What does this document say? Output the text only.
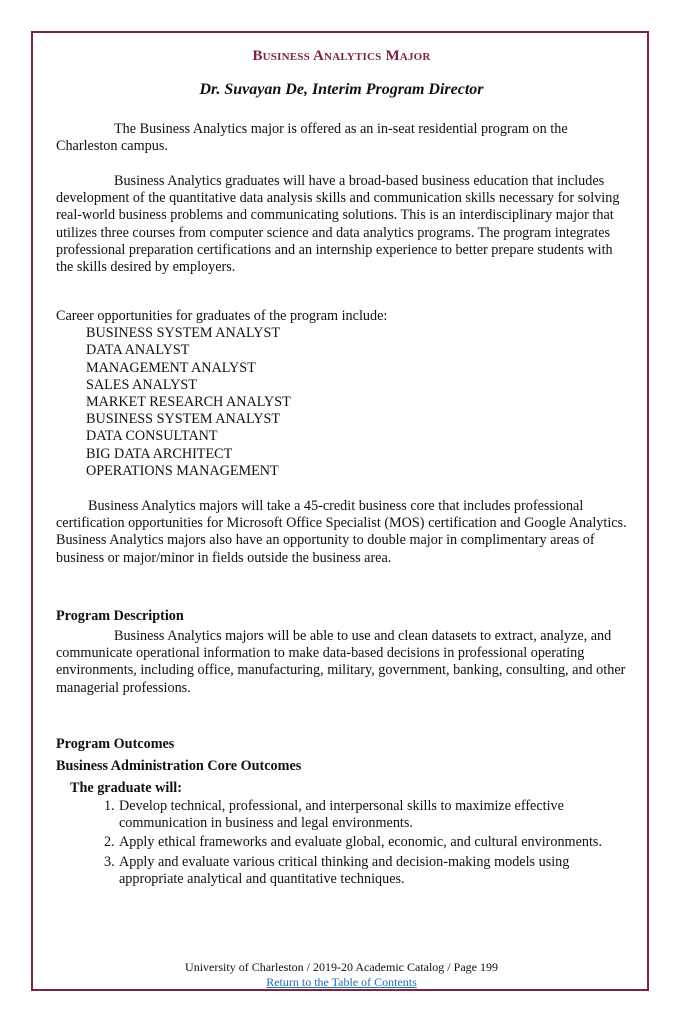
Business Analytics Major
Dr. Suvayan De, Interim Program Director

The Business Analytics major is offered as an in-seat residential program on the Charleston campus.

Business Analytics graduates will have a broad-based business education that includes development of the quantitative data analysis skills and communication skills necessary for solving real-world business problems and communicating solutions. This is an interdisciplinary major that utilizes three courses from computer science and data analytics programs. The program integrates professional preparation certifications and an internship experience to better prepare students with the skills desired by employers.

Career opportunities for graduates of the program include:

BUSINESS SYSTEM ANALYST
DATA ANALYST
MANAGEMENT ANALYST
SALES ANALYST
MARKET RESEARCH ANALYST
BUSINESS SYSTEM ANALYST
DATA CONSULTANT
BIG DATA ARCHITECT
OPERATIONS MANAGEMENT

Business Analytics majors will take a 45-credit business core that includes professional certification opportunities for Microsoft Office Specialist (MOS) certification and Google Analytics. Business Analytics majors also have an opportunity to double major in complimentary areas of business or major/minor in fields outside the business area.

Program Description

Business Analytics majors will be able to use and clean datasets to extract, analyze, and communicate operational information to make data-based decisions in professional operating environments, including office, manufacturing, military, government, banking, consulting, and other managerial professions.

Program Outcomes
Business Administration Core Outcomes
The graduate will:
1. Develop technical, professional, and interpersonal skills to maximize effective communication in business and legal environments.
2. Apply ethical frameworks and evaluate global, economic, and cultural environments.
3. Apply and evaluate various critical thinking and decision-making models using appropriate analytical and quantitative techniques.
University of Charleston / 2019-20 Academic Catalog / Page 199
Return to the Table of Contents
